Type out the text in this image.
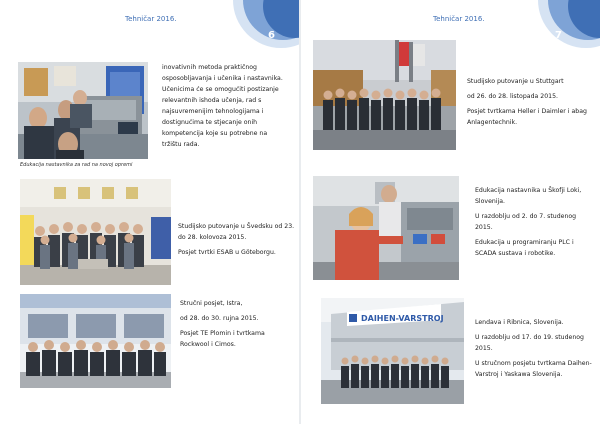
Tehničar 2016.
6
Edukacija nastavnika za rad na novoj opremi
inovativnih metoda praktičnog osposobljavanja i učenika i nastavnika. Učenicima će se omogućiti postizanje relevantnih ishoda učenja, rad s najsuvremenijim tehnologijama i dostignućima te stjecanje onih kompetencija koje su potrebne na tržištu rada.

Studijsko putovanje u Švedsku od 23. do 28. kolovoza 2015.

Posjet tvrtki ESAB u Göteborgu.

Stručni posjet, Istra,

od 28. do 30. rujna 2015.

Posjet TE Plomin i tvrtkama Rockwool i Cimos.

Tehničar 2016.
7

Studijsko putovanje u Stuttgart

od 26. do 28. listopada 2015.

Posjet tvrtkama Heller i Daimler i abag Anlagentechnik.

Edukacija nastavnika u Škofji Loki, Slovenija.

U razdoblju od 2. do 7. studenog 2015.

Edukacija u programiranju PLC i SCADA sustava i robotike.

DAIHEN-VARSTROJ	Lendava i Ribnica, Slovenija.

U razdoblju od 17. do 19. studenog 2015.

U stručnom posjetu tvrtkama Daihen-Varstroj i Yaskawa Slovenija.
